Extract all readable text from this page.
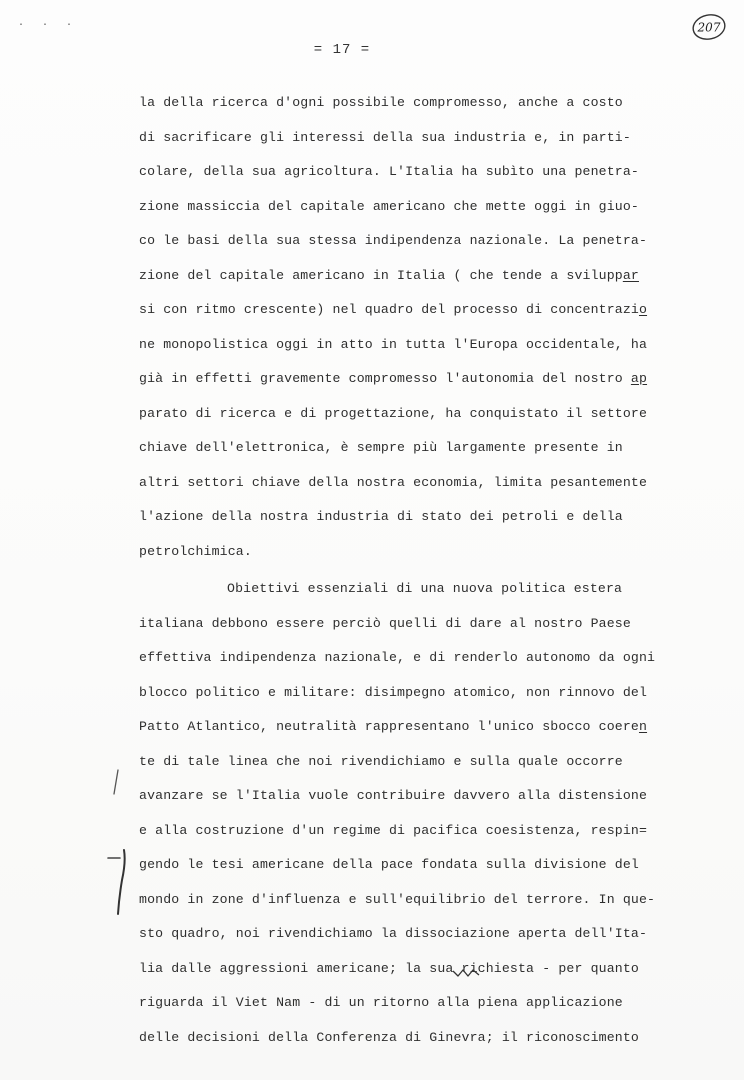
· · ·
= 17 =
207
la della ricerca d'ogni possibile compromesso, anche a costo
di sacrificare gli interessi della sua industria e, in parti-
colare, della sua agricoltura. L'Italia ha subìto una penetra-
zione massiccia del capitale americano che mette oggi in giuo-
co le basi della sua stessa indipendenza nazionale. La penetra-
zione del capitale americano in Italia ( che tende a sviluppar
si con ritmo crescente) nel quadro del processo di concentrazio
ne monopolistica oggi in atto in tutta l'Europa occidentale, ha
già in effetti gravemente compromesso l'autonomia del nostro ap
parato di ricerca e di progettazione, ha conquistato il settore
chiave dell'elettronica, è sempre più largamente presente in
altri settori chiave della nostra economia, limita pesantemente
l'azione della nostra industria di stato dei petroli e della
petrolchimica.
Obiettivi essenziali di una nuova politica estera
italiana debbono essere perciò quelli di dare al nostro Paese
effettiva indipendenza nazionale, e di renderlo autonomo da ogni
blocco politico e militare: disimpegno atomico, non rinnovo del
Patto Atlantico, neutralità rappresentano l'unico sbocco coeren
te di tale linea che noi rivendichiamo e sulla quale occorre
avanzare se l'Italia vuole contribuire davvero alla distensione
e alla costruzione d'un regime di pacifica coesistenza, respin=
gendo le tesi americane della pace fondata sulla divisione del
mondo in zone d'influenza e sull'equilibrio del terrore. In que-
sto quadro, noi rivendichiamo la dissociazione aperta dell'Ita-
lia dalle aggressioni americane; la sua richiesta - per quanto
riguarda il Viet Nam - di un ritorno alla piena applicazione
delle decisioni della Conferenza di Ginevra; il riconoscimento
